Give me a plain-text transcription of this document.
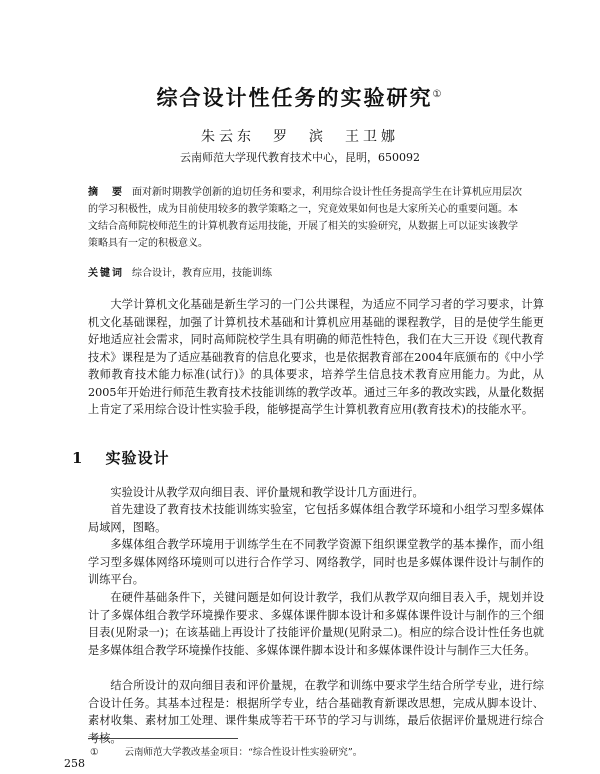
综合设计性任务的实验研究①
朱云东　罗　滨　王卫娜
云南师范大学现代教育技术中心，昆明，650092

摘　要 面对新时期教学创新的迫切任务和要求，利用综合设计性任务提高学生在计算机应用层次的学习积极性，成为目前使用较多的教学策略之一，究竟效果如何也是大家所关心的重要问题。本文结合高师院校师范生的计算机教育运用技能，开展了相关的实验研究，从数据上可以证实该教学策略具有一定的积极意义。

关键词 综合设计，教育应用，技能训练

大学计算机文化基础是新生学习的一门公共课程，为适应不同学习者的学习要求，计算机文化基础课程，加强了计算机技术基础和计算机应用基础的课程教学，目的是使学生能更好地适应社会需求，同时高师院校学生具有明确的师范性特色，我们在大三开设《现代教育技术》课程是为了适应基础教育的信息化要求，也是依据教育部在2004年底颁布的《中小学教师教育技术能力标准(试行)》的具体要求，培养学生信息技术教育应用能力。为此，从2005年开始进行师范生教育技术技能训练的教学改革。通过三年多的教改实践，从量化数据上肯定了采用综合设计性实验手段，能够提高学生计算机教育应用(教育技术)的技能水平。

1 实验设计

实验设计从教学双向细目表、评价量规和教学设计几方面进行。

首先建设了教育技术技能训练实验室，它包括多媒体组合教学环境和小组学习型多媒体局域网，图略。

多媒体组合教学环境用于训练学生在不同教学资源下组织课堂教学的基本操作，而小组学习型多媒体网络环境则可以进行合作学习、网络教学，同时也是多媒体课件设计与制作的训练平台。

在硬件基础条件下，关键问题是如何设计教学，我们从教学双向细目表入手，规划并设计了多媒体组合教学环境操作要求、多媒体课件脚本设计和多媒体课件设计与制作的三个细目表(见附录一)；在该基础上再设计了技能评价量规(见附录二)。相应的综合设计性任务也就是多媒体组合教学环境操作技能、多媒体课件脚本设计和多媒体课件设计与制作三大任务。

结合所设计的双向细目表和评价量规，在教学和训练中要求学生结合所学专业，进行综合设计任务。其基本过程是：根据所学专业，结合基础教育新课改思想，完成从脚本设计、素材收集、素材加工处理、课件集成等若干环节的学习与训练，最后依据评价量规进行综合考核。

①	云南师范大学教改基金项目：“综合性设计性实验研究”。

258
